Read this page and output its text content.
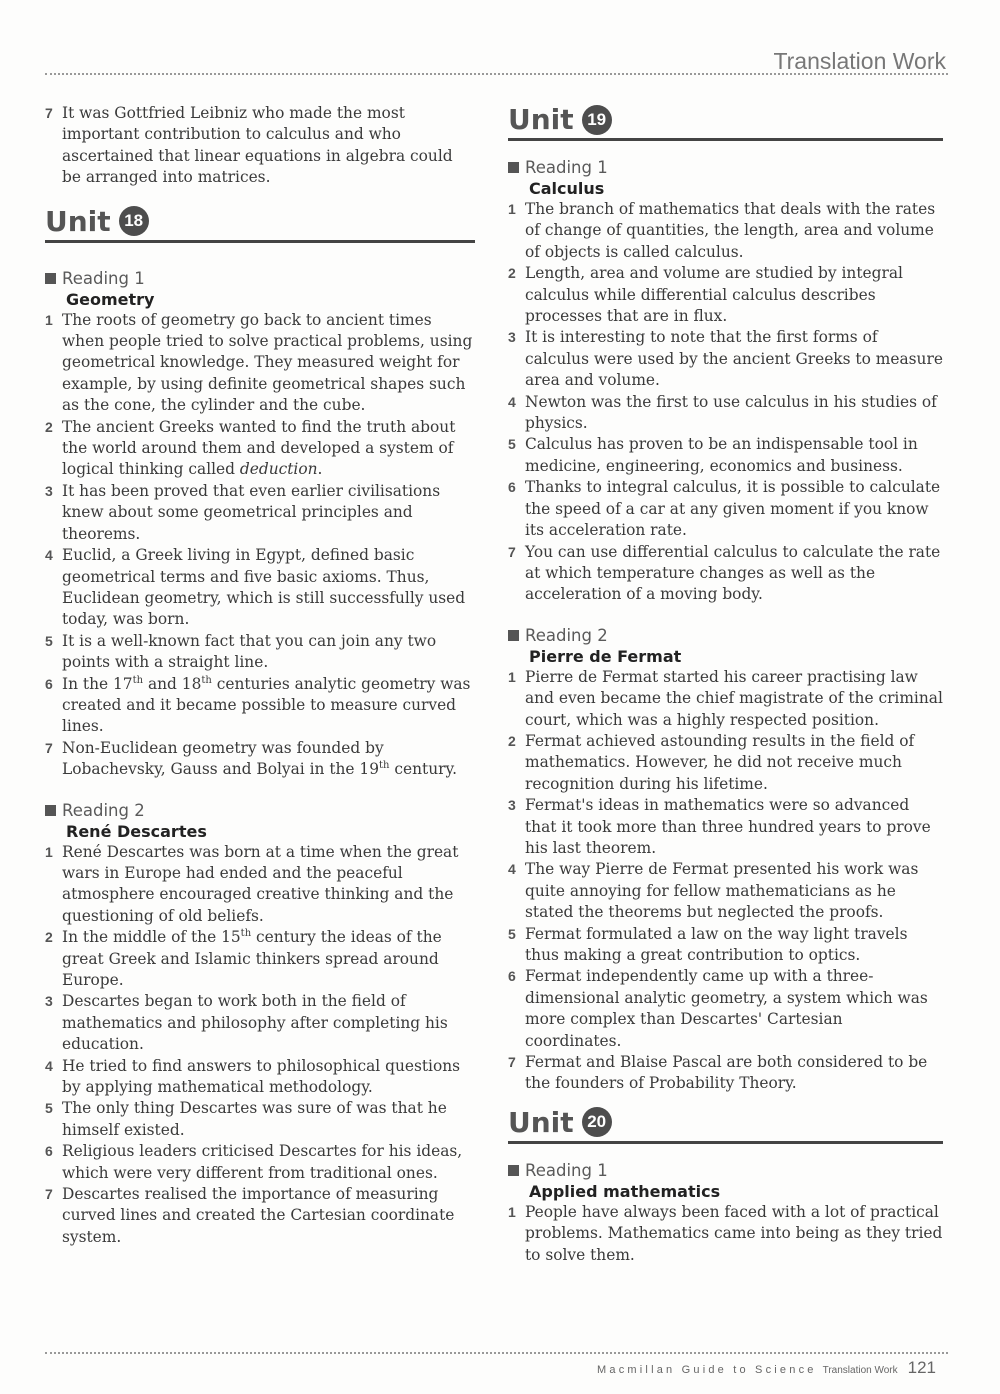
Translation Work
7 It was Gottfried Leibniz who made the most important contribution to calculus and who ascertained that linear equations in algebra could be arranged into matrices.
Unit 18
Reading 1
Geometry
1 The roots of geometry go back to ancient times when people tried to solve practical problems, using geometrical knowledge. They measured weight for example, by using definite geometrical shapes such as the cone, the cylinder and the cube.
2 The ancient Greeks wanted to find the truth about the world around them and developed a system of logical thinking called deduction.
3 It has been proved that even earlier civilisations knew about some geometrical principles and theorems.
4 Euclid, a Greek living in Egypt, defined basic geometrical terms and five basic axioms. Thus, Euclidean geometry, which is still successfully used today, was born.
5 It is a well-known fact that you can join any two points with a straight line.
6 In the 17th and 18th centuries analytic geometry was created and it became possible to measure curved lines.
7 Non-Euclidean geometry was founded by Lobachevsky, Gauss and Bolyai in the 19th century.
Reading 2
René Descartes
1 René Descartes was born at a time when the great wars in Europe had ended and the peaceful atmosphere encouraged creative thinking and the questioning of old beliefs.
2 In the middle of the 15th century the ideas of the great Greek and Islamic thinkers spread around Europe.
3 Descartes began to work both in the field of mathematics and philosophy after completing his education.
4 He tried to find answers to philosophical questions by applying mathematical methodology.
5 The only thing Descartes was sure of was that he himself existed.
6 Religious leaders criticised Descartes for his ideas, which were very different from traditional ones.
7 Descartes realised the importance of measuring curved lines and created the Cartesian coordinate system.
Unit 19
Reading 1
Calculus
1 The branch of mathematics that deals with the rates of change of quantities, the length, area and volume of objects is called calculus.
2 Length, area and volume are studied by integral calculus while differential calculus describes processes that are in flux.
3 It is interesting to note that the first forms of calculus were used by the ancient Greeks to measure area and volume.
4 Newton was the first to use calculus in his studies of physics.
5 Calculus has proven to be an indispensable tool in medicine, engineering, economics and business.
6 Thanks to integral calculus, it is possible to calculate the speed of a car at any given moment if you know its acceleration rate.
7 You can use differential calculus to calculate the rate at which temperature changes as well as the acceleration of a moving body.
Reading 2
Pierre de Fermat
1 Pierre de Fermat started his career practising law and even became the chief magistrate of the criminal court, which was a highly respected position.
2 Fermat achieved astounding results in the field of mathematics. However, he did not receive much recognition during his lifetime.
3 Fermat's ideas in mathematics were so advanced that it took more than three hundred years to prove his last theorem.
4 The way Pierre de Fermat presented his work was quite annoying for fellow mathematicians as he stated the theorems but neglected the proofs.
5 Fermat formulated a law on the way light travels thus making a great contribution to optics.
6 Fermat independently came up with a three-dimensional analytic geometry, a system which was more complex than Descartes' Cartesian coordinates.
7 Fermat and Blaise Pascal are both considered to be the founders of Probability Theory.
Unit 20
Reading 1
Applied mathematics
1 People have always been faced with a lot of practical problems. Mathematics came into being as they tried to solve them.
Macmillan Guide to Science Translation Work 121
